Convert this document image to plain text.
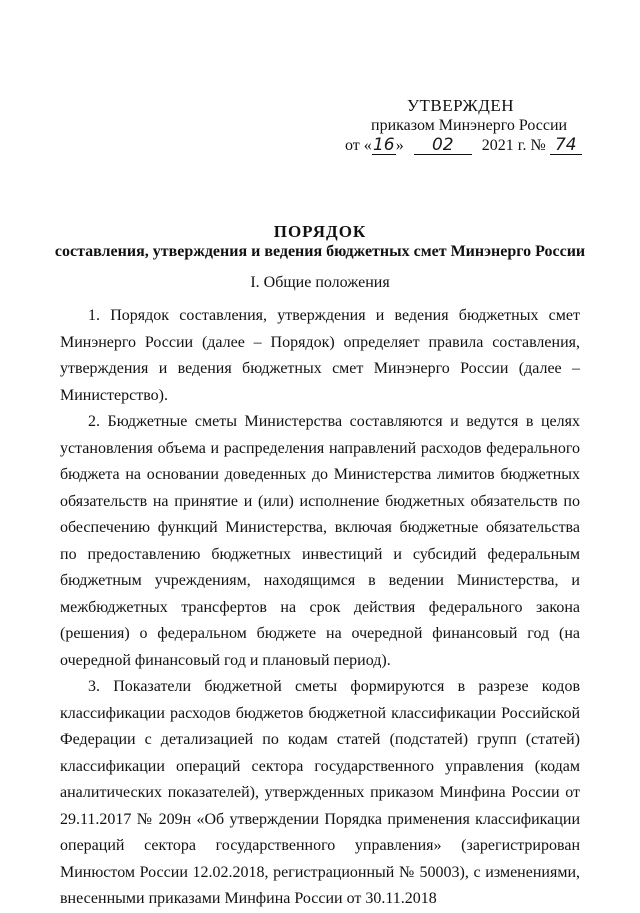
УТВЕРЖДЕН
приказом Минэнерго России
от «16» 02 2021 г. № 74
ПОРЯДОК
составления, утверждения и ведения бюджетных смет Минэнерго России
I. Общие положения

1. Порядок составления, утверждения и ведения бюджетных смет Минэнерго России (далее – Порядок) определяет правила составления, утверждения и ведения бюджетных смет Минэнерго России (далее – Министерство).

2. Бюджетные сметы Министерства составляются и ведутся в целях установления объема и распределения направлений расходов федерального бюджета на основании доведенных до Министерства лимитов бюджетных обязательств на принятие и (или) исполнение бюджетных обязательств по обеспечению функций Министерства, включая бюджетные обязательства по предоставлению бюджетных инвестиций и субсидий федеральным бюджетным учреждениям, находящимся в ведении Министерства, и межбюджетных трансфертов на срок действия федерального закона (решения) о федеральном бюджете на очередной финансовый год (на очередной финансовый год и плановый период).

3. Показатели бюджетной сметы формируются в разрезе кодов классификации расходов бюджетов бюджетной классификации Российской Федерации с детализацией по кодам статей (подстатей) групп (статей) классификации операций сектора государственного управления (кодам аналитических показателей), утвержденных приказом Минфина России от 29.11.2017 № 209н «Об утверждении Порядка применения классификации операций сектора государственного управления» (зарегистрирован Минюстом России 12.02.2018, регистрационный № 50003), с изменениями, внесенными приказами Минфина России от 30.11.2018
